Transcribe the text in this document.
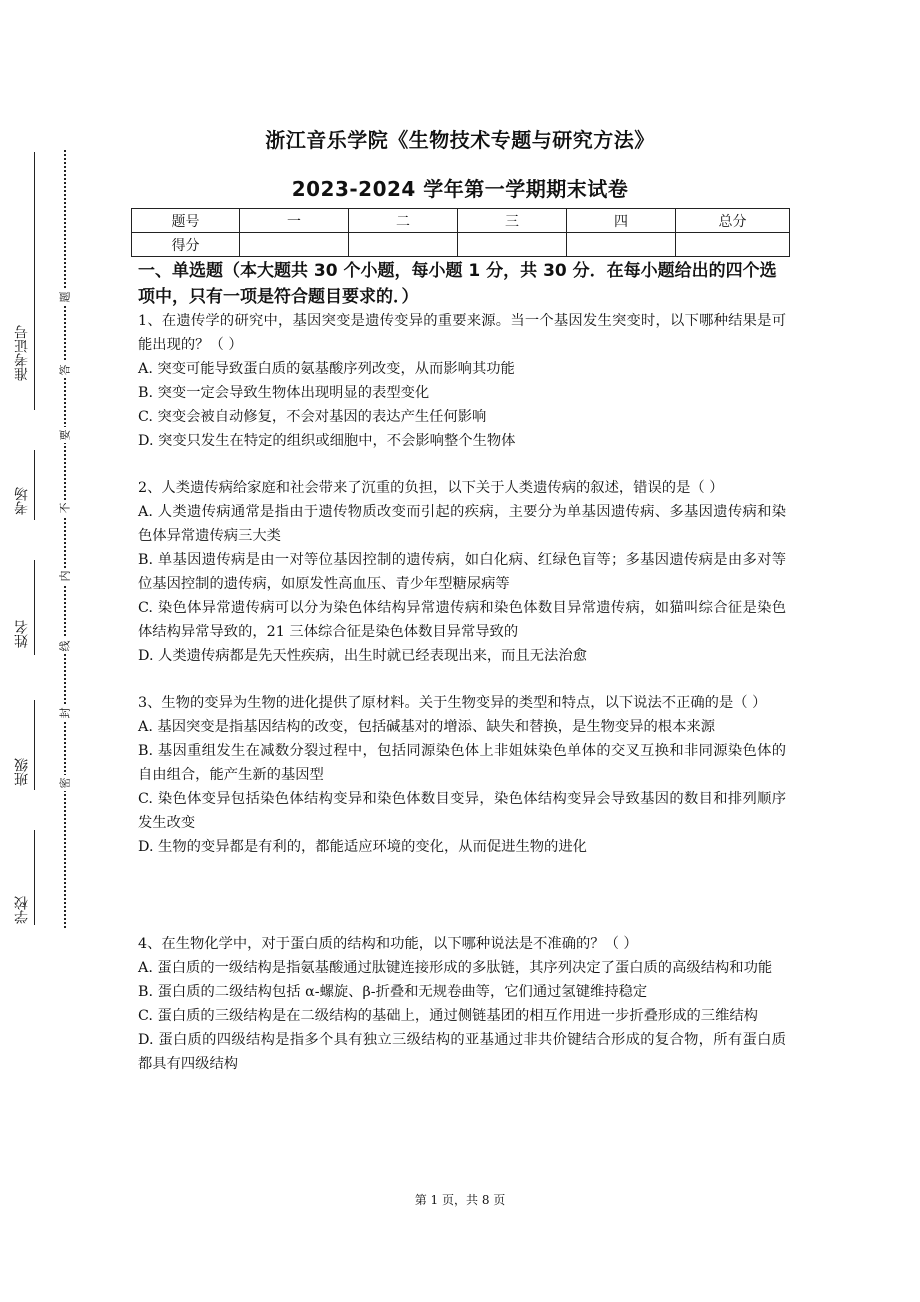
准考证号
考场
姓名
班级
学校
题
答
要
不
内
线
封
密
浙江音乐学院《生物技术专题与研究方法》
2023-2024 学年第一学期期末试卷
题号	一	二	三	四	总分
得分					
一、单选题（本大题共 30 个小题，每小题 1 分，共 30 分．在每小题给出的四个选项中，只有一项是符合题目要求的．）

1、在遗传学的研究中，基因突变是遗传变异的重要来源。当一个基因发生突变时，以下哪种结果是可能出现的？（ ）

A. 突变可能导致蛋白质的氨基酸序列改变，从而影响其功能

B. 突变一定会导致生物体出现明显的表型变化

C. 突变会被自动修复，不会对基因的表达产生任何影响

D. 突变只发生在特定的组织或细胞中，不会影响整个生物体

2、人类遗传病给家庭和社会带来了沉重的负担，以下关于人类遗传病的叙述，错误的是（ ）

A. 人类遗传病通常是指由于遗传物质改变而引起的疾病，主要分为单基因遗传病、多基因遗传病和染色体异常遗传病三大类

B. 单基因遗传病是由一对等位基因控制的遗传病，如白化病、红绿色盲等；多基因遗传病是由多对等位基因控制的遗传病，如原发性高血压、青少年型糖尿病等

C. 染色体异常遗传病可以分为染色体结构异常遗传病和染色体数目异常遗传病，如猫叫综合征是染色体结构异常导致的，21 三体综合征是染色体数目异常导致的

D. 人类遗传病都是先天性疾病，出生时就已经表现出来，而且无法治愈

3、生物的变异为生物的进化提供了原材料。关于生物变异的类型和特点，以下说法不正确的是（ ）

A. 基因突变是指基因结构的改变，包括碱基对的增添、缺失和替换，是生物变异的根本来源

B. 基因重组发生在减数分裂过程中，包括同源染色体上非姐妹染色单体的交叉互换和非同源染色体的自由组合，能产生新的基因型

C. 染色体变异包括染色体结构变异和染色体数目变异，染色体结构变异会导致基因的数目和排列顺序发生改变

D. 生物的变异都是有利的，都能适应环境的变化，从而促进生物的进化

4、在生物化学中，对于蛋白质的结构和功能，以下哪种说法是不准确的？（ ）

A. 蛋白质的一级结构是指氨基酸通过肽键连接形成的多肽链，其序列决定了蛋白质的高级结构和功能

B. 蛋白质的二级结构包括 α-螺旋、β-折叠和无规卷曲等，它们通过氢键维持稳定

C. 蛋白质的三级结构是在二级结构的基础上，通过侧链基团的相互作用进一步折叠形成的三维结构

D. 蛋白质的四级结构是指多个具有独立三级结构的亚基通过非共价键结合形成的复合物，所有蛋白质都具有四级结构

第 1 页，共 8 页
